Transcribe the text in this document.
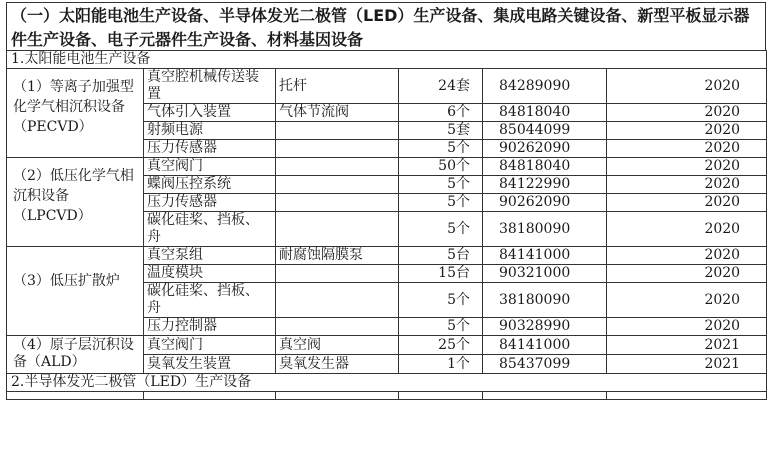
（一）太阳能电池生产设备、半导体发光二极管（LED）生产设备、集成电路关键设备、新型平板显示器件生产设备、电子元器件生产设备、材料基因设备
1.太阳能电池生产设备					
（1）等离子加强型化学气相沉积设备（PECVD）	真空腔机械传送装置	托杆	24套	84289090	2020
	气体引入装置	气体节流阀	6个	84818040	2020
	射频电源		5套	85044099	2020
	压力传感器		5个	90262090	2020
（2）低压化学气相沉积设备（LPCVD）	真空阀门		50个	84818040	2020
	蝶阀压控系统		5个	84122990	2020
	压力传感器		5个	90262090	2020
	碳化硅桨、挡板、舟		5个	38180090	2020
（3）低压扩散炉	真空泵组	耐腐蚀隔膜泵	5台	84141000	2020
	温度模块		15台	90321000	2020
	碳化硅桨、挡板、舟		5个	38180090	2020
	压力控制器		5个	90328990	2020
（4）原子层沉积设备（ALD）	真空阀门	真空阀	25个	84141000	2021
	臭氧发生装置	臭氧发生器	1个	85437099	2021
2.半导体发光二极管（LED）生产设备					
